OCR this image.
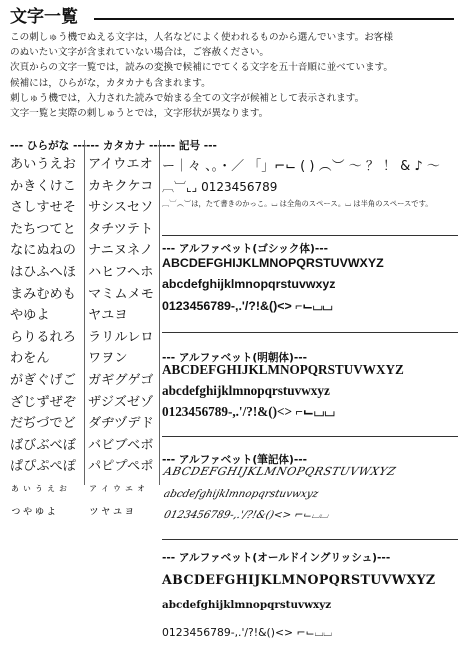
文字一覧
この刺しゅう機でぬえる文字は，人名などによく使われるものから選んでいます。お客様
のぬいたい文字が含まれていない場合は，ご容赦ください。
次頁からの文字一覧では，読みの変換で候補にでてくる文字を五十音順に並べています。
候補には，ひらがな，カタカナも含まれます。
刺しゅう機では，入力された読みで始まる全ての文字が候補として表示されます。
文字一覧と実際の刺しゅうとでは，文字形状が異なります。
--- ひらがな --- --- カタカナ --- --- 記号 ---
あいうえお
かきくけこ
さしすせそ
たちつてと
なにぬねの
はひふへほ
まみむめも
やゆよ
らりるれろ
わをん
がぎぐげご
ざじずぜぞ
だぢづでど
ばびぶべぼ
ぱぴぷぺぽ
ぁぃぅぇぉ
っゃゅょ
アイウエオ
カキクケコ
サシスセソ
タチツテト
ナニヌネノ
ハヒフヘホ
マミムメモ
ヤユヨ
ラリルレロ
ワヲン
ガギグゲゴ
ザジズゼゾ
ダヂヅデド
バビブベボ
パピプペポ
ァィゥェォ
ッャュョ
ー｜々 、。・／ 「」⌐⌙ ( ) ︵︶ ～ ？ ！ & ♪ ～
︹︺⌞⌟ 0123456789
︹︺︵︶は，たて書きのかっこ。⌴ は全角のスペース。⌴ は半角のスペースです。
--- アルファベット(ゴシック体)---
ABCDEFGHIJKLMNOPQRSTUVWXYZ
abcdefghijklmnopqrstuvwxyz
0123456789-,.'/?!&()<> ⌐⌙⌴⌴
--- アルファベット(明朝体)---
ABCDEFGHIJKLMNOPQRSTUVWXYZ
abcdefghijklmnopqrstuvwxyz
0123456789-,.'/?!&()<> ⌐⌙⌴⌴
--- アルファベット(筆記体)---
ABCDEFGHIJKLMNOPQRSTUVWXYZ
abcdefghijklmnopqrstuvwxyz
0123456789-,.'/?!&()<> ⌐⌙⌴⌴
--- アルファベット(オールドイングリッシュ)---
ABCDEFGHIJKLMNOPQRSTUVWXYZ
abcdefghijklmnopqrstuvwxyz
0123456789-,.'/?!&()<> ⌐⌙⌴⌴
